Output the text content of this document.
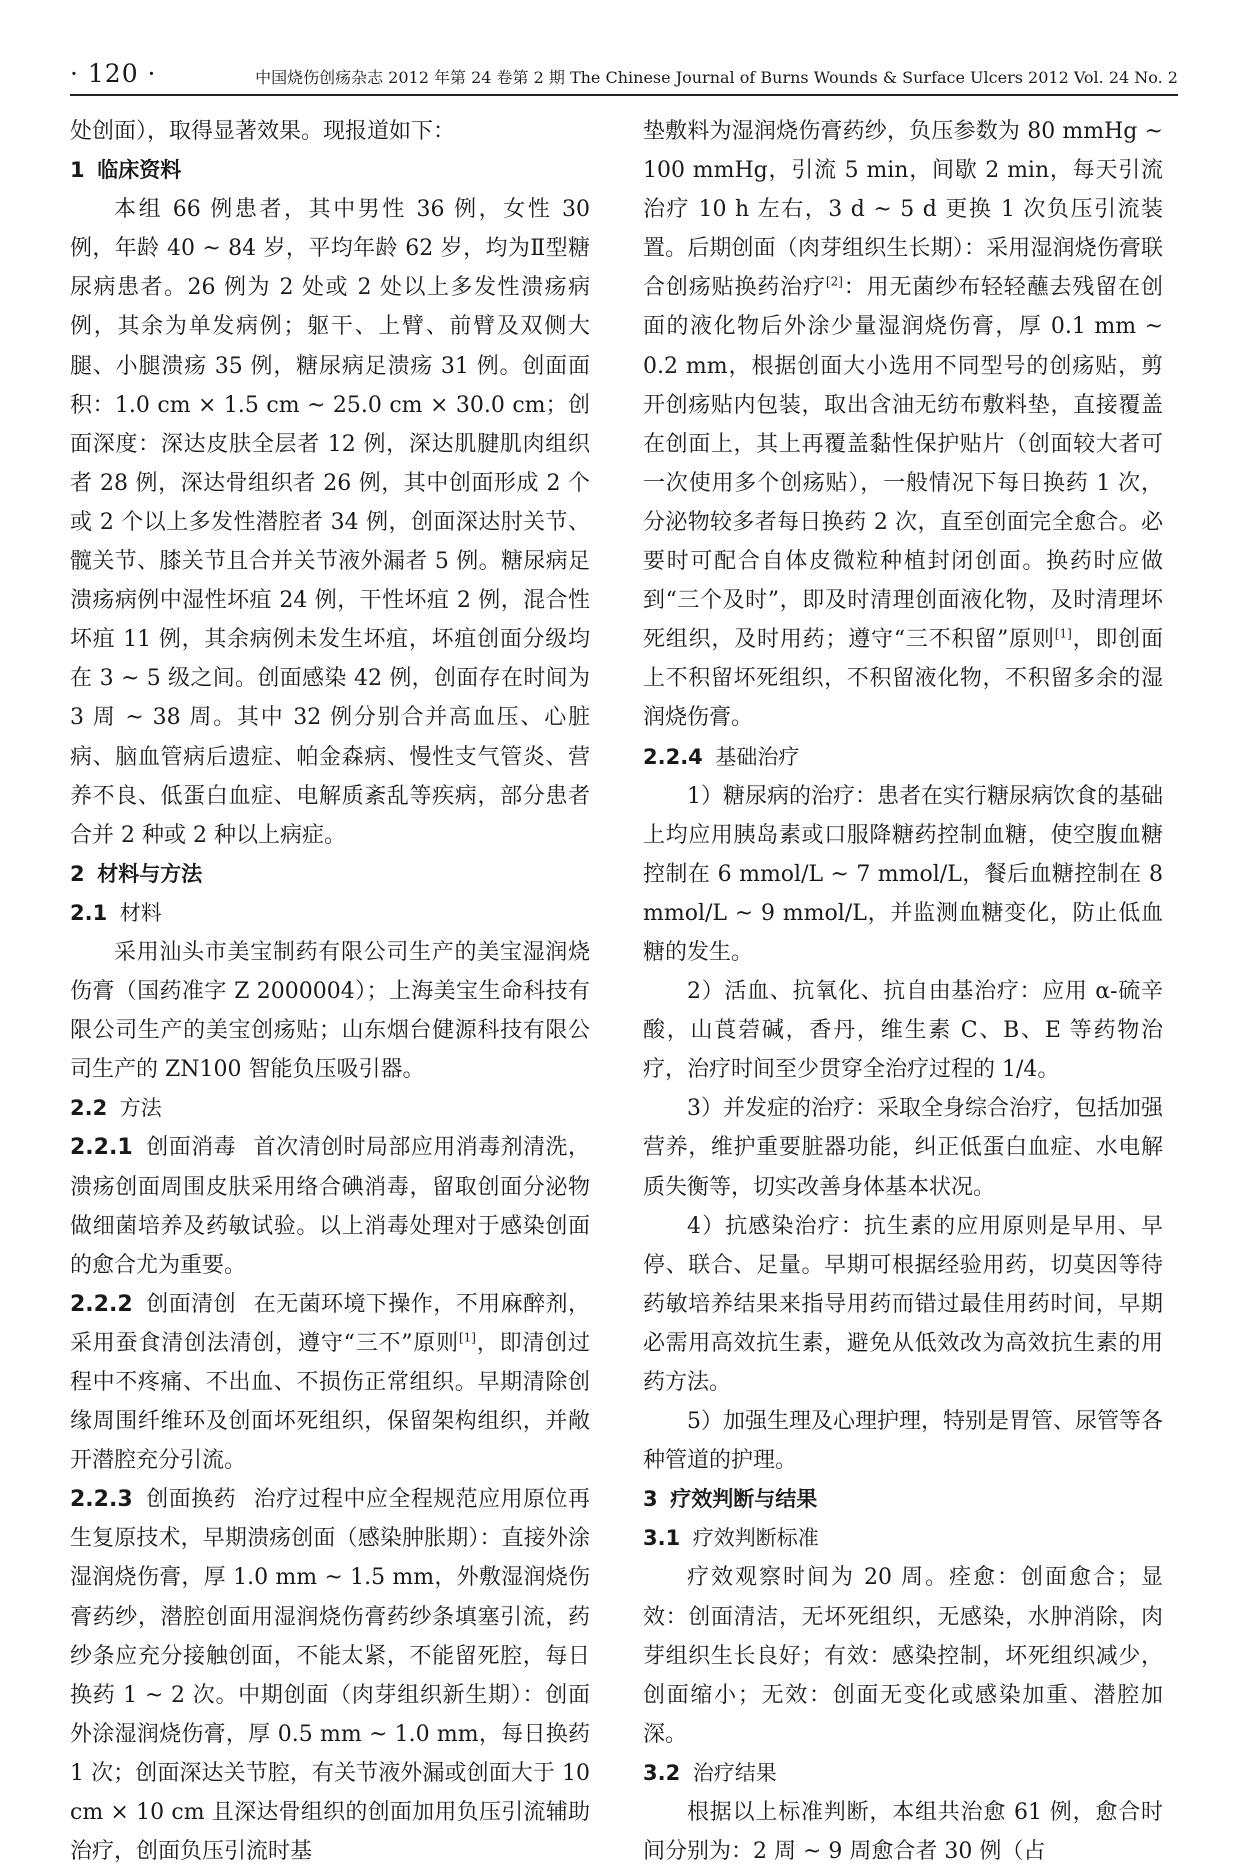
· 120 ·	中国烧伤创疡杂志 2012 年第 24 卷第 2 期 The Chinese Journal of Burns Wounds & Surface Ulcers 2012 Vol. 24 No. 2

处创面），取得显著效果。现报道如下：

1 临床资料

本组 66 例患者，其中男性 36 例，女性 30 例，年龄 40 ~ 84 岁，平均年龄 62 岁，均为Ⅱ型糖尿病患者。26 例为 2 处或 2 处以上多发性溃疡病例，其余为单发病例；躯干、上臂、前臂及双侧大腿、小腿溃疡 35 例，糖尿病足溃疡 31 例。创面面积：1.0 cm × 1.5 cm ~ 25.0 cm × 30.0 cm；创面深度：深达皮肤全层者 12 例，深达肌腱肌肉组织者 28 例，深达骨组织者 26 例，其中创面形成 2 个或 2 个以上多发性潜腔者 34 例，创面深达肘关节、髋关节、膝关节且合并关节液外漏者 5 例。糖尿病足溃疡病例中湿性坏疽 24 例，干性坏疽 2 例，混合性坏疽 11 例，其余病例未发生坏疽，坏疽创面分级均在 3 ~ 5 级之间。创面感染 42 例，创面存在时间为 3 周 ~ 38 周。其中 32 例分别合并高血压、心脏病、脑血管病后遗症、帕金森病、慢性支气管炎、营养不良、低蛋白血症、电解质紊乱等疾病，部分患者合并 2 种或 2 种以上病症。

2 材料与方法

2.1 材料

采用汕头市美宝制药有限公司生产的美宝湿润烧伤膏（国药准字 Z 2000004）；上海美宝生命科技有限公司生产的美宝创疡贴；山东烟台健源科技有限公司生产的 ZN100 智能负压吸引器。

2.2 方法

2.2.1 创面消毒 首次清创时局部应用消毒剂清洗，溃疡创面周围皮肤采用络合碘消毒，留取创面分泌物做细菌培养及药敏试验。以上消毒处理对于感染创面的愈合尤为重要。

2.2.2 创面清创 在无菌环境下操作，不用麻醉剂，采用蚕食清创法清创，遵守“三不”原则[1]，即清创过程中不疼痛、不出血、不损伤正常组织。早期清除创缘周围纤维环及创面坏死组织，保留架构组织，并敞开潜腔充分引流。

2.2.3 创面换药 治疗过程中应全程规范应用原位再生复原技术，早期溃疡创面（感染肿胀期）：直接外涂湿润烧伤膏，厚 1.0 mm ~ 1.5 mm，外敷湿润烧伤膏药纱，潜腔创面用湿润烧伤膏药纱条填塞引流，药纱条应充分接触创面，不能太紧，不能留死腔，每日换药 1 ~ 2 次。中期创面（肉芽组织新生期）：创面外涂湿润烧伤膏，厚 0.5 mm ~ 1.0 mm，每日换药 1 次；创面深达关节腔，有关节液外漏或创面大于 10 cm × 10 cm 且深达骨组织的创面加用负压引流辅助治疗，创面负压引流时基

垫敷料为湿润烧伤膏药纱，负压参数为 80 mmHg ~ 100 mmHg，引流 5 min，间歇 2 min，每天引流治疗 10 h 左右，3 d ~ 5 d 更换 1 次负压引流装置。后期创面（肉芽组织生长期）：采用湿润烧伤膏联合创疡贴换药治疗[2]：用无菌纱布轻轻蘸去残留在创面的液化物后外涂少量湿润烧伤膏，厚 0.1 mm ~ 0.2 mm，根据创面大小选用不同型号的创疡贴，剪开创疡贴内包装，取出含油无纺布敷料垫，直接覆盖在创面上，其上再覆盖黏性保护贴片（创面较大者可一次使用多个创疡贴），一般情况下每日换药 1 次，分泌物较多者每日换药 2 次，直至创面完全愈合。必要时可配合自体皮微粒种植封闭创面。换药时应做到“三个及时”，即及时清理创面液化物，及时清理坏死组织，及时用药；遵守“三不积留”原则[1]，即创面上不积留坏死组织，不积留液化物，不积留多余的湿润烧伤膏。

2.2.4 基础治疗

1）糖尿病的治疗：患者在实行糖尿病饮食的基础上均应用胰岛素或口服降糖药控制血糖，使空腹血糖控制在 6 mmol/L ~ 7 mmol/L，餐后血糖控制在 8 mmol/L ~ 9 mmol/L，并监测血糖变化，防止低血糖的发生。

2）活血、抗氧化、抗自由基治疗：应用 α-硫辛酸，山莨菪碱，香丹，维生素 C、B、E 等药物治疗，治疗时间至少贯穿全治疗过程的 1/4。

3）并发症的治疗：采取全身综合治疗，包括加强营养，维护重要脏器功能，纠正低蛋白血症、水电解质失衡等，切实改善身体基本状况。

4）抗感染治疗：抗生素的应用原则是早用、早停、联合、足量。早期可根据经验用药，切莫因等待药敏培养结果来指导用药而错过最佳用药时间，早期必需用高效抗生素，避免从低效改为高效抗生素的用药方法。

5）加强生理及心理护理，特别是胃管、尿管等各种管道的护理。

3 疗效判断与结果

3.1 疗效判断标准

疗效观察时间为 20 周。痊愈：创面愈合；显效：创面清洁，无坏死组织，无感染，水肿消除，肉芽组织生长良好；有效：感染控制，坏死组织减少，创面缩小；无效：创面无变化或感染加重、潜腔加深。

3.2 治疗结果

根据以上标准判断，本组共治愈 61 例，愈合时间分别为：2 周 ~ 9 周愈合者 30 例（占
